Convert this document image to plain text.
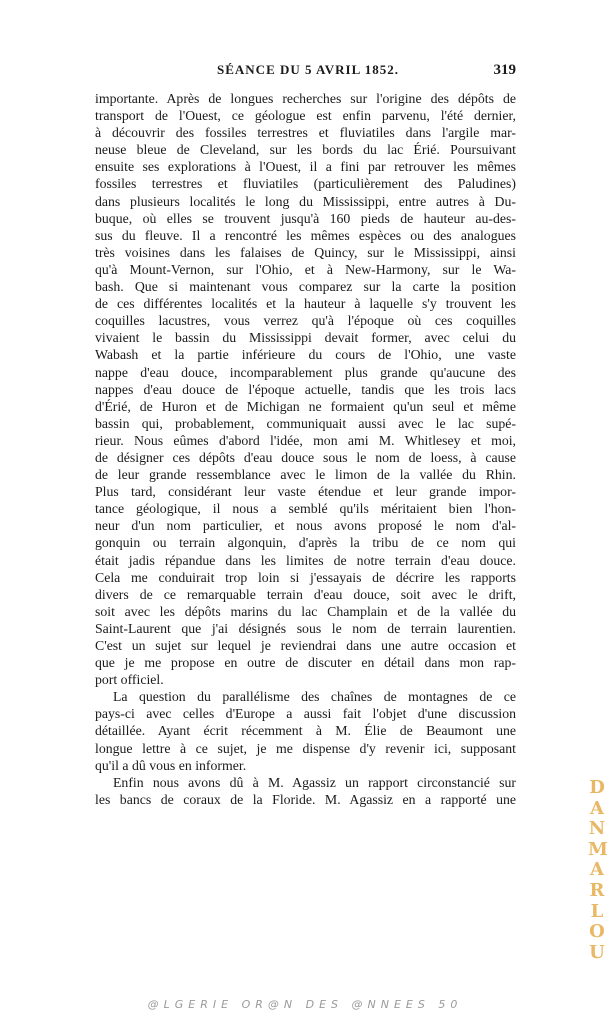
SÉANCE DU 5 AVRIL 1852.	319
importante. Après de longues recherches sur l'origine des dépôts de
transport de l'Ouest, ce géologue est enfin parvenu, l'été dernier,
à découvrir des fossiles terrestres et fluviatiles dans l'argile mar-
neuse bleue de Cleveland, sur les bords du lac Érié. Poursuivant
ensuite ses explorations à l'Ouest, il a fini par retrouver les mêmes
fossiles terrestres et fluviatiles (particulièrement des Paludines)
dans plusieurs localités le long du Mississippi, entre autres à Du-
buque, où elles se trouvent jusqu'à 160 pieds de hauteur au-des-
sus du fleuve. Il a rencontré les mêmes espèces ou des analogues
très voisines dans les falaises de Quincy, sur le Mississippi, ainsi
qu'à Mount-Vernon, sur l'Ohio, et à New-Harmony, sur le Wa-
bash. Que si maintenant vous comparez sur la carte la position
de ces différentes localités et la hauteur à laquelle s'y trouvent les
coquilles lacustres, vous verrez qu'à l'époque où ces coquilles
vivaient le bassin du Mississippi devait former, avec celui du
Wabash et la partie inférieure du cours de l'Ohio, une vaste
nappe d'eau douce, incomparablement plus grande qu'aucune des
nappes d'eau douce de l'époque actuelle, tandis que les trois lacs
d'Érié, de Huron et de Michigan ne formaient qu'un seul et même
bassin qui, probablement, communiquait aussi avec le lac supé-
rieur. Nous eûmes d'abord l'idée, mon ami M. Whitlesey et moi,
de désigner ces dépôts d'eau douce sous le nom de loess, à cause
de leur grande ressemblance avec le limon de la vallée du Rhin.
Plus tard, considérant leur vaste étendue et leur grande impor-
tance géologique, il nous a semblé qu'ils méritaient bien l'hon-
neur d'un nom particulier, et nous avons proposé le nom d'al-
gonquin ou terrain algonquin, d'après la tribu de ce nom qui
était jadis répandue dans les limites de notre terrain d'eau douce.
Cela me conduirait trop loin si j'essayais de décrire les rapports
divers de ce remarquable terrain d'eau douce, soit avec le drift,
soit avec les dépôts marins du lac Champlain et de la vallée du
Saint-Laurent que j'ai désignés sous le nom de terrain laurentien.
C'est un sujet sur lequel je reviendrai dans une autre occasion et
que je me propose en outre de discuter en détail dans mon rap-
port officiel.
La question du parallélisme des chaînes de montagnes de ce
pays-ci avec celles d'Europe a aussi fait l'objet d'une discussion
détaillée. Ayant écrit récemment à M. Élie de Beaumont une
longue lettre à ce sujet, je me dispense d'y revenir ici, supposant
qu'il a dû vous en informer.
Enfin nous avons dû à M. Agassiz un rapport circonstancié sur
les bancs de coraux de la Floride. M. Agassiz en a rapporté une
D
A
N
M
A
R
L
O
U
@LGERIE OR@N DES @NNEES 50
